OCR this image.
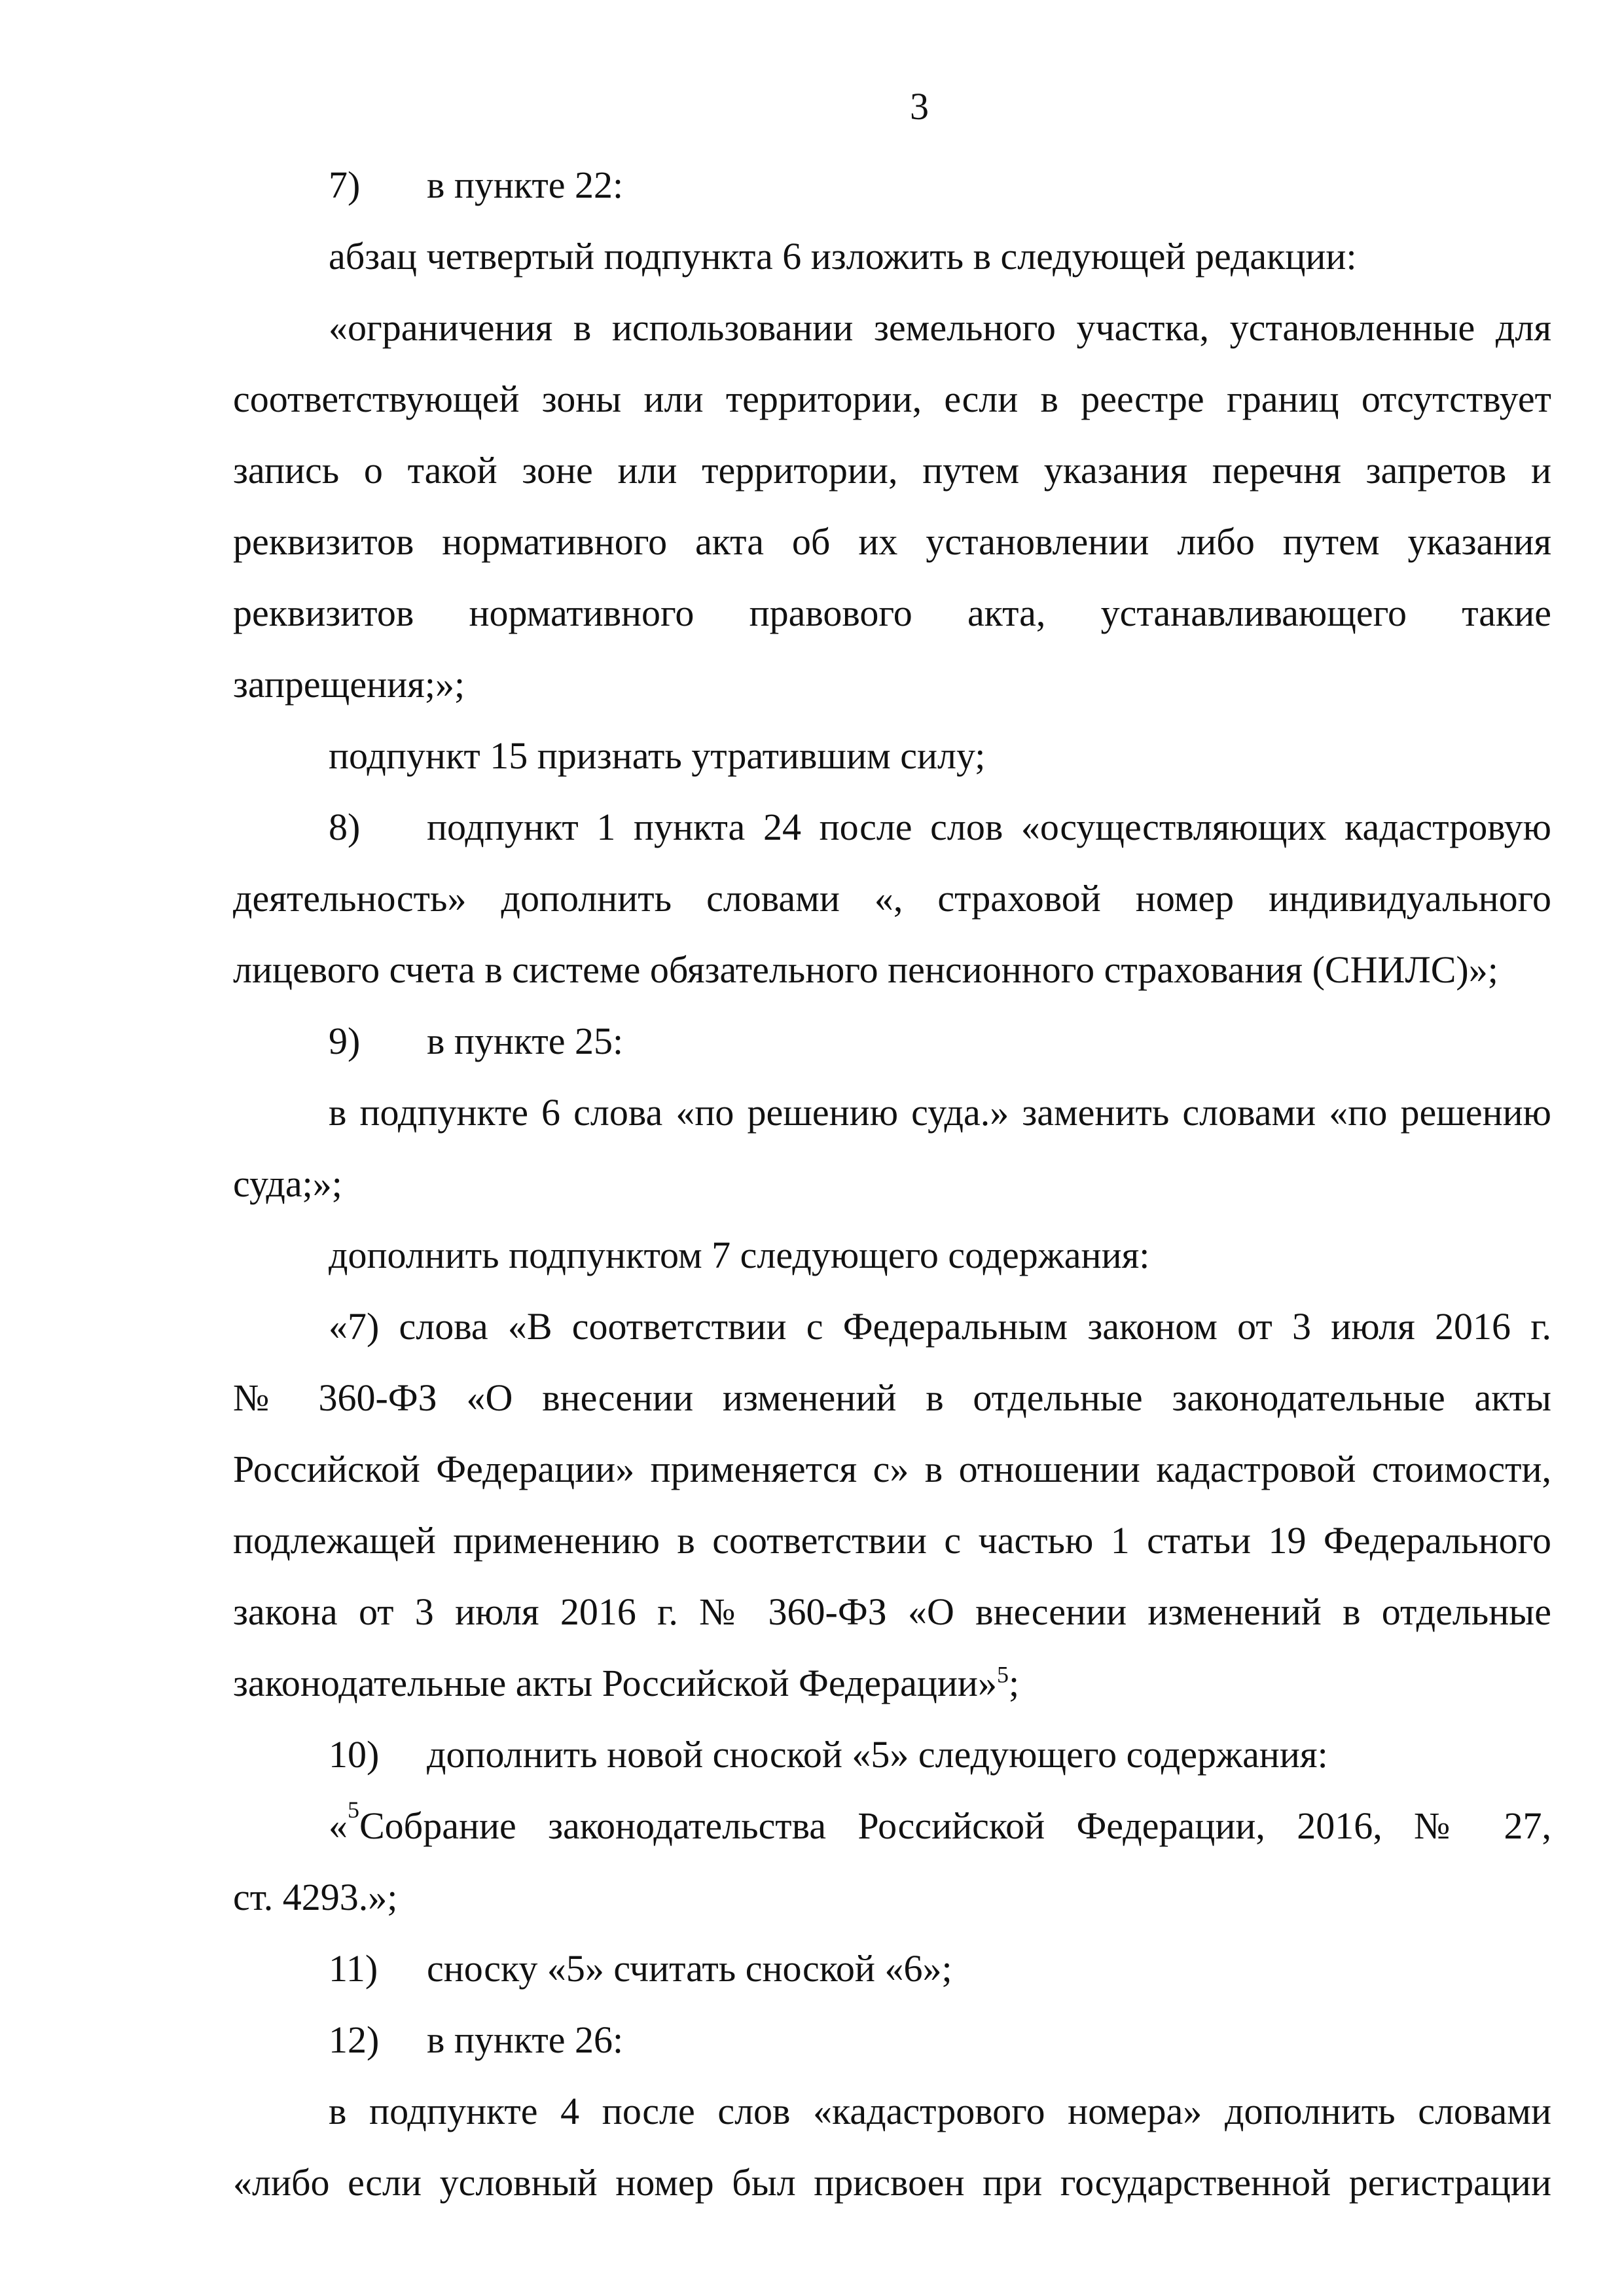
3
7) в пункте 22:
абзац четвертый подпункта 6 изложить в следующей редакции:
«ограничения в использовании земельного участка, установленные для
соответствующей зоны или территории, если в реестре границ отсутствует
запись о такой зоне или территории, путем указания перечня запретов и
реквизитов нормативного акта об их установлении либо путем указания
реквизитов нормативного правового акта, устанавливающего такие
запрещения;»;
подпункт 15 признать утратившим силу;
8) подпункт 1 пункта 24 после слов «осуществляющих кадастровую
деятельность» дополнить словами «, страховой номер индивидуального
лицевого счета в системе обязательного пенсионного страхования (СНИЛС)»;
9) в пункте 25:
в подпункте 6 слова «по решению суда.» заменить словами «по решению
суда;»;
дополнить подпунктом 7 следующего содержания:
«7) слова «В соответствии с Федеральным законом от 3 июля 2016 г.
№ 360-ФЗ «О внесении изменений в отдельные законодательные акты
Российской Федерации» применяется с» в отношении кадастровой стоимости,
подлежащей применению в соответствии с частью 1 статьи 19 Федерального
закона от 3 июля 2016 г. № 360-ФЗ «О внесении изменений в отдельные
законодательные акты Российской Федерации»$^5$;
10) дополнить новой сноской «5» следующего содержания:
« 5 Собрание законодательства Российской Федерации, 2016, № 27,
ст. 4293.»;
11) сноску «5» считать сноской «6»;
12) в пункте 26:
в подпункте 4 после слов «кадастрового номера» дополнить словами
«либо если условный номер был присвоен при государственной регистрации
